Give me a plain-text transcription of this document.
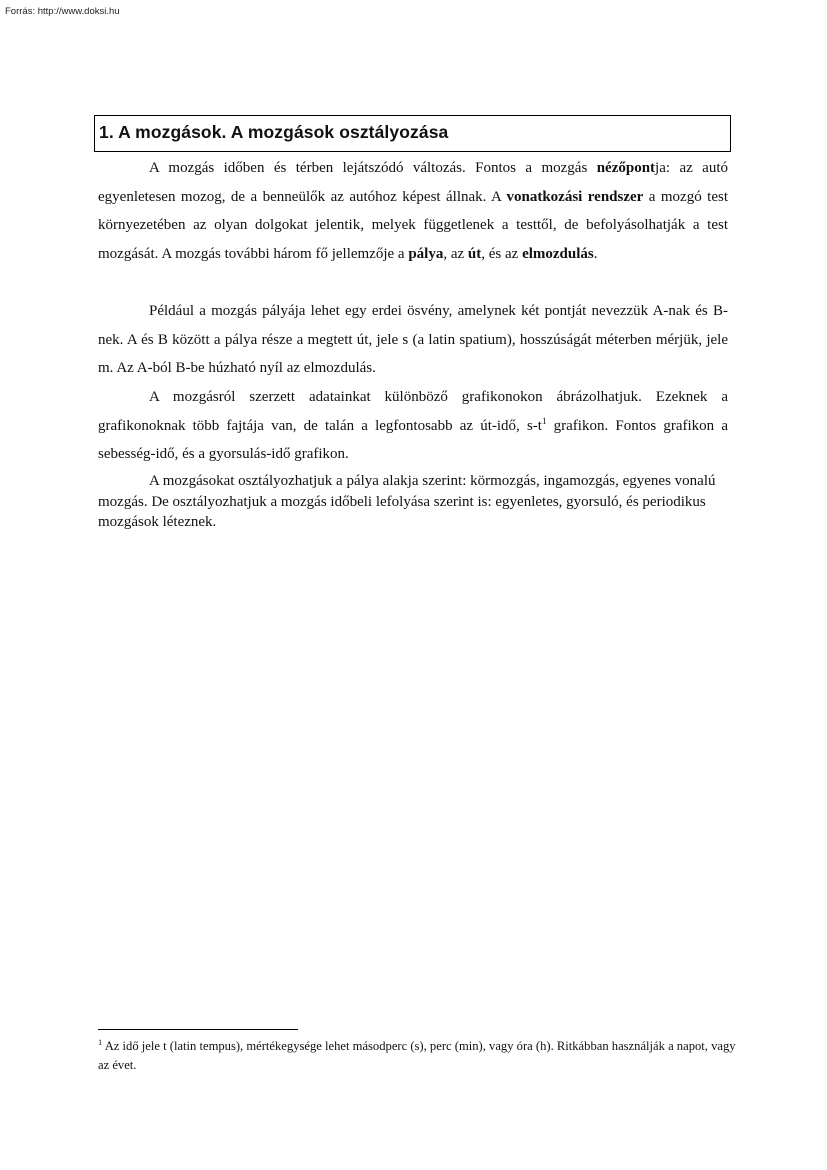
Forrás: http://www.doksi.hu

1. A mozgások. A mozgások osztályozása

A mozgás időben és térben lejátszódó változás. Fontos a mozgás nézőpontja: az autó egyenletesen mozog, de a benneülők az autóhoz képest állnak. A vonatkozási rendszer a mozgó test környezetében az olyan dolgokat jelentik, melyek függetlenek a testtől, de befolyásolhatják a test mozgását. A mozgás további három fő jellemzője a pálya, az út, és az elmozdulás.

Például a mozgás pályája lehet egy erdei ösvény, amelynek két pontját nevezzük A-nak és B-nek. A és B között a pálya része a megtett út, jele s (a latin spatium), hosszúságát méterben mérjük, jele m. Az A-ból B-be húzható nyíl az elmozdulás.

A mozgásról szerzett adatainkat különböző grafikonokon ábrázolhatjuk. Ezeknek a grafikonoknak több fajtája van, de talán a legfontosabb az út-idő, $s-t^1$ grafikon. Fontos grafikon a sebesség-idő, és a gyorsulás-idő grafikon.

A mozgásokat osztályozhatjuk a pálya alakja szerint: körmozgás, ingamozgás, egyenes vonalú mozgás. De osztályozhatjuk a mozgás időbeli lefolyása szerint is: egyenletes, gyorsuló, és periodikus mozgások léteznek.

$^1$ Az idő jele t (latin tempus), mértékegysége lehet másodperc (s), perc (min), vagy óra (h). Ritkábban használják a napot, vagy az évet.
